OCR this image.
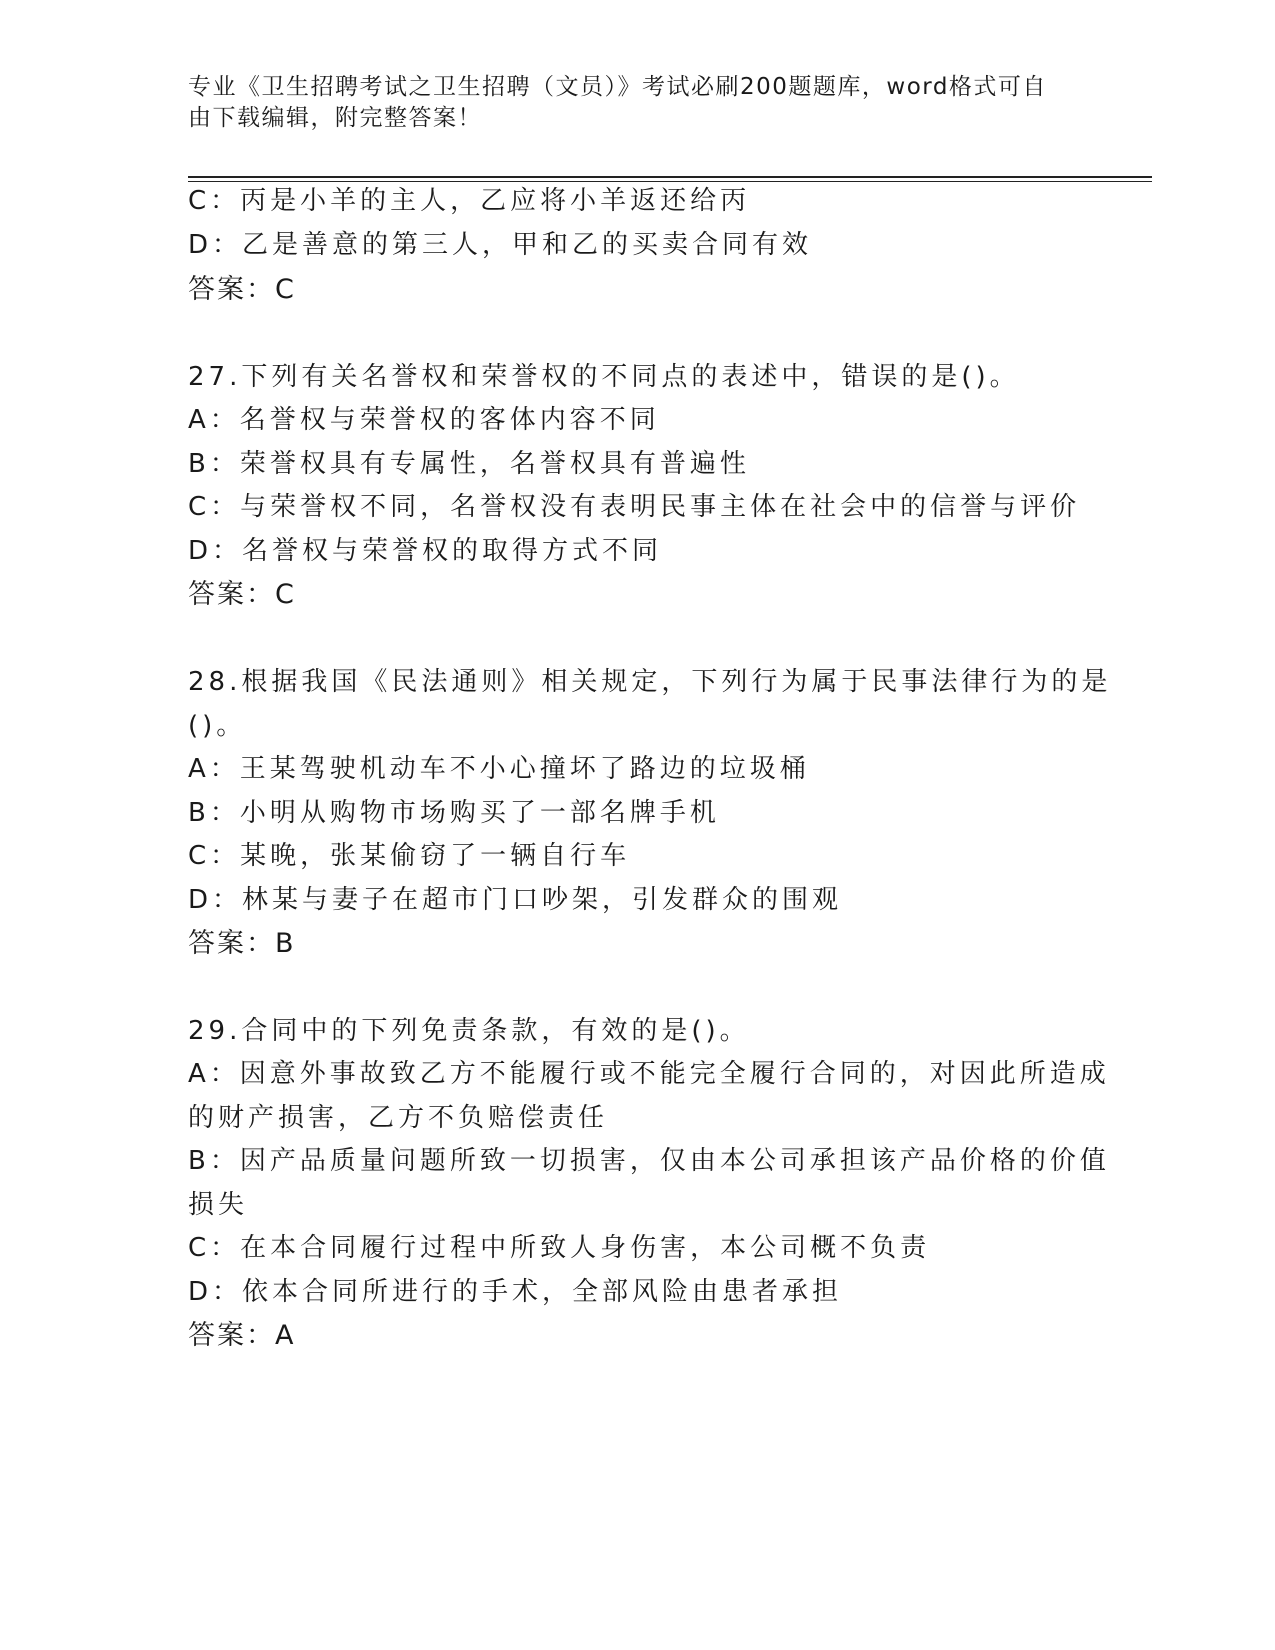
专业《卫生招聘考试之卫生招聘（文员）》考试必刷200题题库，word格式可自
由下载编辑，附完整答案！
C：丙是小羊的主人，乙应将小羊返还给丙
D：乙是善意的第三人，甲和乙的买卖合同有效
答案：C
27.下列有关名誉权和荣誉权的不同点的表述中，错误的是()。
A：名誉权与荣誉权的客体内容不同
B：荣誉权具有专属性，名誉权具有普遍性
C：与荣誉权不同，名誉权没有表明民事主体在社会中的信誉与评价
D：名誉权与荣誉权的取得方式不同
答案：C
28.根据我国《民法通则》相关规定，下列行为属于民事法律行为的是
()。
A：王某驾驶机动车不小心撞坏了路边的垃圾桶
B：小明从购物市场购买了一部名牌手机
C：某晚，张某偷窃了一辆自行车
D：林某与妻子在超市门口吵架，引发群众的围观
答案：B
29.合同中的下列免责条款，有效的是()。
A：因意外事故致乙方不能履行或不能完全履行合同的，对因此所造成
的财产损害，乙方不负赔偿责任
B：因产品质量问题所致一切损害，仅由本公司承担该产品价格的价值
损失
C：在本合同履行过程中所致人身伤害，本公司概不负责
D：依本合同所进行的手术，全部风险由患者承担
答案：A
